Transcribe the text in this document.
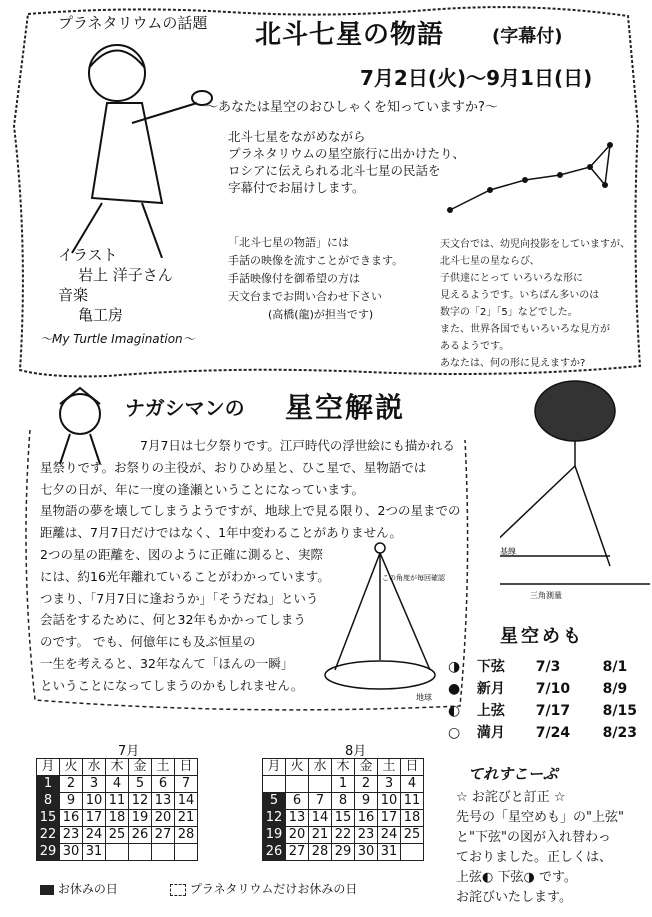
プラネタリウムの話題 北斗七星の物語	(字幕付)
7月2日(火)〜9月1日(日)
〜あなたは星空のおひしゃくを知っていますか?〜
北斗七星をながめながら
プラネタリウムの星空旅行に出かけたり、
ロシアに伝えられる北斗七星の民話を
字幕付でお届けします。
「北斗七星の物語」には
手話の映像を流すことができます。
手話映像付を御希望の方は
天文台までお問い合わせ下さい
(高橋(龍)が担当です)
イラスト
岩上 洋子さん
音楽
亀工房
〜My Turtle Imagination〜
天文台では、幼児向投影をしていますが、北斗七星の星ならび、
子供達にとって いろいろな形に
見えるようです。いちばん多いのは
数字の「2」「5」などでした。
また、世界各国でもいろいろな見方が
あるようです。
あなたは、何の形に見えますか?
ナガシマンの 星空解説
7月7日は七夕祭りです。江戸時代の浮世絵にも描かれる
星祭りです。お祭りの主役が、おりひめ星と、ひこ星で、星物語では
七夕の日が、年に一度の逢瀬ということになっています。
星物語の夢を壊してしまうようですが、地球上で見る限り、2つの星までの
距離は、7月7日だけではなく、1年中変わることがありません。
2つの星の距離を、図のように正確に測ると、実際
には、約16光年離れていることがわかっています。
つまり、「7月7日に逢おうか」「そうだね」という
会話をするために、何と32年もかかってしまう
のです。 でも、何億年にも及ぶ恒星の
一生を考えると、32年なんて「ほんの一瞬」
ということになってしまうのかもしれません。
この角度が毎回確認
地球
基線
三角測量
星空めも
◑ 下弦 7/3	8/1
● 新月 7/10 8/9
◐ 上弦 7/17 8/15
○ 満月 7/24 8/23
7月
月	火	水	木	金	土	日
1	2	3	4	5	6	7
8	9	10	11	12	13	14
15	16	17	18	19	20	21
22	23	24	25	26	27	28
29	30	31				
8月
月	火	水	木	金	土	日
			1	2	3	4
5	6	7	8	9	10	11
12	13	14	15	16	17	18
19	20	21	22	23	24	25
26	27	28	29	30	31	
お休みの日	プラネタリウムだけお休みの日
てれすこーぷ
☆ お詫びと訂正 ☆
先号の「星空めも」の"上弦"
と"下弦"の図が入れ替わっ
ておりました。正しくは、
上弦◐ 下弦◑ です。
お詫びいたします。
